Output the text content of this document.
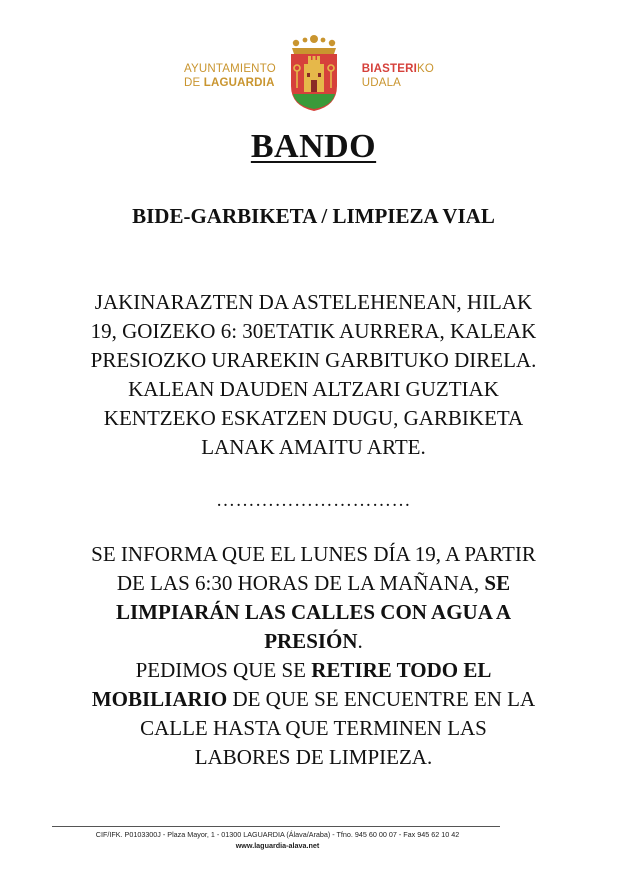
AYUNTAMIENTO
DE LAGUARDIA
BIASTERIKO
UDALA
BANDO
BIDE-GARBIKETA / LIMPIEZA VIAL
JAKINARAZTEN DA ASTELEHENEAN, HILAK
19, GOIZEKO 6: 30ETATIK AURRERA, KALEAK
PRESIOZKO URAREKIN GARBITUKO DIRELA.
KALEAN DAUDEN ALTZARI GUZTIAK
KENTZEKO ESKATZEN DUGU, GARBIKETA
LANAK AMAITU ARTE.
…………………………
SE INFORMA QUE EL LUNES DÍA 19, A PARTIR
DE LAS 6:30 HORAS DE LA MAÑANA, SE
LIMPIARÁN LAS CALLES CON AGUA A
PRESIÓN.
PEDIMOS QUE SE RETIRE TODO EL
MOBILIARIO DE QUE SE ENCUENTRE EN LA
CALLE HASTA QUE TERMINEN LAS
LABORES DE LIMPIEZA.
CIF/IFK. P0103300J - Plaza Mayor, 1 - 01300 LAGUARDIA (Álava/Araba) - Tfno. 945 60 00 07 - Fax 945 62 10 42
www.laguardia-alava.net
